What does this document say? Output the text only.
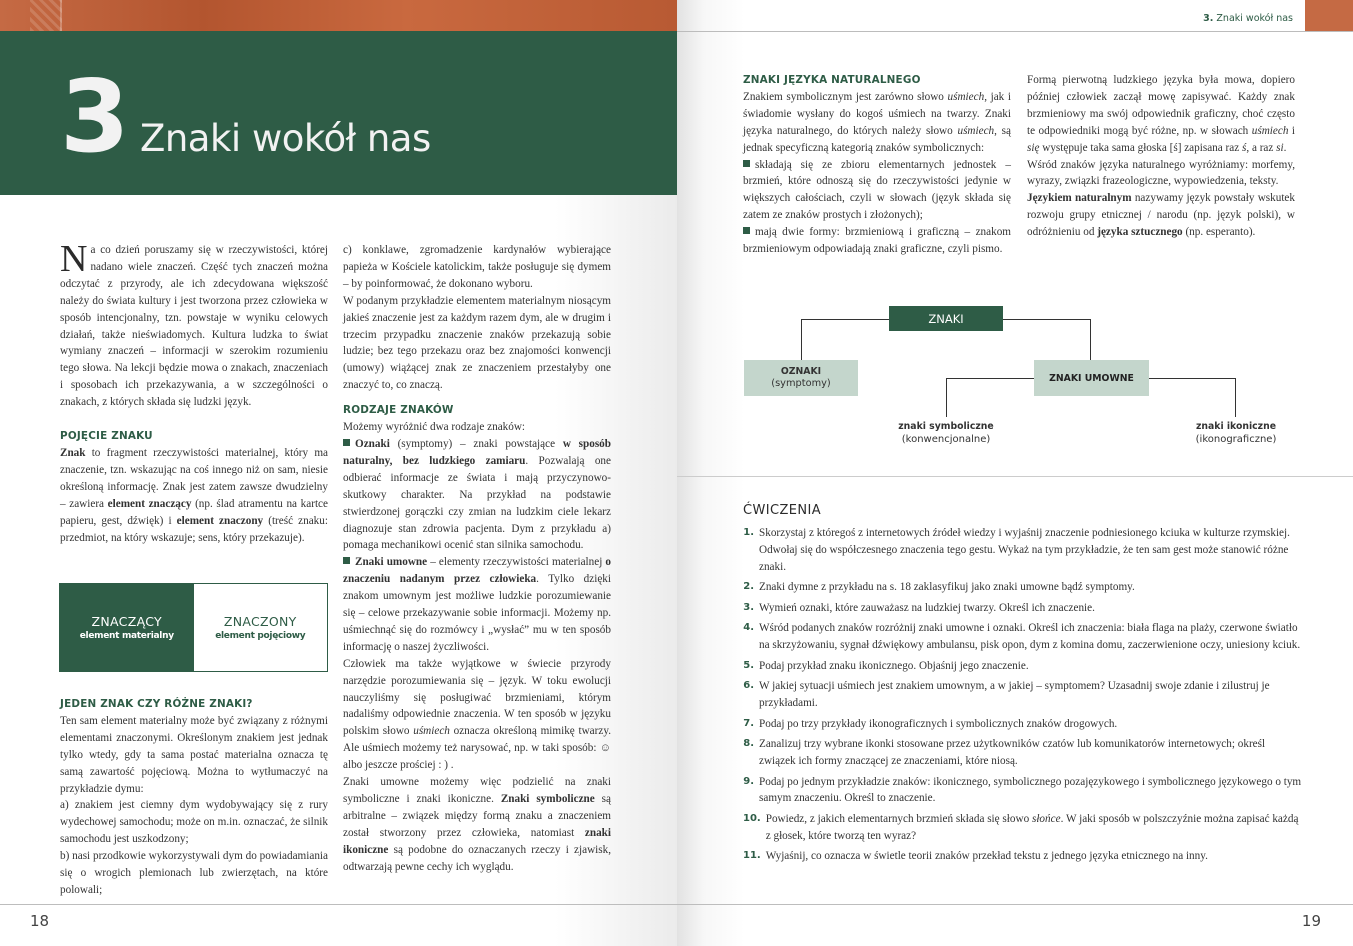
3 Znaki wokół nas

Na co dzień poruszamy się w rzeczywistości, której nadano wiele znaczeń. Część tych znaczeń można odczytać z przyrody, ale ich zdecydowana większość należy do świata kultury i jest tworzona przez człowieka w sposób intencjonalny, tzn. powstaje w wyniku celowych działań, także nieświadomych. Kultura ludzka to świat wymiany znaczeń – informacji w szerokim rozumieniu tego słowa. Na lekcji będzie mowa o znakach, znaczeniach i sposobach ich przekazywania, a w szczególności o znakach, z których składa się ludzki język.

POJĘCIE ZNAKU

Znak to fragment rzeczywistości materialnej, który ma znaczenie, tzn. wskazując na coś innego niż on sam, niesie określoną informację. Znak jest zatem zawsze dwudzielny – zawiera element znaczący (np. ślad atramentu na kartce papieru, gest, dźwięk) i element znaczony (treść znaku: przedmiot, na który wskazuje; sens, który przekazuje).

ZNACZĄCY
element materialny
ZNACZONY
element pojęciowy

JEDEN ZNAK CZY RÓŻNE ZNAKI?

Ten sam element materialny może być związany z różnymi elementami znaczonymi. Określonym znakiem jest jednak tylko wtedy, gdy ta sama postać materialna oznacza tę samą zawartość pojęciową. Można to wytłumaczyć na przykładzie dymu:

a) znakiem jest ciemny dym wydobywający się z rury wydechowej samochodu; może on m.in. oznaczać, że silnik samochodu jest uszkodzony;

b) nasi przodkowie wykorzystywali dym do powiadamiania się o wrogich plemionach lub zwierzętach, na które polowali;

c) konklawe, zgromadzenie kardynałów wybierające papieża w Kościele katolickim, także posługuje się dymem – by poinformować, że dokonano wyboru.

W podanym przykładzie elementem materialnym niosącym jakieś znaczenie jest za każdym razem dym, ale w drugim i trzecim przypadku znaczenie znaków przekazują sobie ludzie; bez tego przekazu oraz bez znajomości konwencji (umowy) wiążącej znak ze znaczeniem przestałyby one znaczyć to, co znaczą.

RODZAJE ZNAKÓW

Możemy wyróżnić dwa rodzaje znaków:

Oznaki (symptomy) – znaki powstające w sposób naturalny, bez ludzkiego zamiaru. Pozwalają one odbierać informacje ze świata i mają przyczynowo-skutkowy charakter. Na przykład na podstawie stwierdzonej gorączki czy zmian na ludzkim ciele lekarz diagnozuje stan zdrowia pacjenta. Dym z przykładu a) pomaga mechanikowi ocenić stan silnika samochodu.

Znaki umowne – elementy rzeczywistości materialnej o znaczeniu nadanym przez człowieka. Tylko dzięki znakom umownym jest możliwe ludzkie porozumiewanie się – celowe przekazywanie sobie informacji. Możemy np. uśmiechnąć się do rozmówcy i „wysłać” mu w ten sposób informację o naszej życzliwości.

Człowiek ma także wyjątkowe w świecie przyrody narzędzie porozumiewania się – język. W toku ewolucji nauczyliśmy się posługiwać brzmieniami, którym nadaliśmy odpowiednie znaczenia. W ten sposób w języku polskim słowo uśmiech oznacza określoną mimikę twarzy. Ale uśmiech możemy też narysować, np. w taki sposób: ☺ albo jeszcze prościej : ) .

Znaki umowne możemy więc podzielić na znaki symboliczne i znaki ikoniczne. Znaki symboliczne są arbitralne – związek między formą znaku a znaczeniem został stworzony przez człowieka, natomiast znaki ikoniczne są podobne do oznaczanych rzeczy i zjawisk, odtwarzają pewne cechy ich wyglądu.

18
3. Znaki wokół nas

ZNAKI JĘZYKA NATURALNEGO

Znakiem symbolicznym jest zarówno słowo uśmiech, jak i świadomie wysłany do kogoś uśmiech na twarzy. Znaki języka naturalnego, do których należy słowo uśmiech, są jednak specyficzną kategorią znaków symbolicznych:

składają się ze zbioru elementarnych jednostek – brzmień, które odnoszą się do rzeczywistości jedynie w większych całościach, czyli w słowach (język składa się zatem ze znaków prostych i złożonych);

mają dwie formy: brzmieniową i graficzną – znakom brzmieniowym odpowiadają znaki graficzne, czyli pismo.

Formą pierwotną ludzkiego języka była mowa, dopiero później człowiek zaczął mowę zapisywać. Każdy znak brzmieniowy ma swój odpowiednik graficzny, choć często te odpowiedniki mogą być różne, np. w słowach uśmiech i się występuje taka sama głoska [ś] zapisana raz ś, a raz si.

Wśród znaków języka naturalnego wyróżniamy: morfemy, wyrazy, związki frazeologiczne, wypowiedzenia, teksty.

Językiem naturalnym nazywamy język powstały wskutek rozwoju grupy etnicznej / narodu (np. język polski), w odróżnieniu od języka sztucznego (np. esperanto).

ZNAKI
OZNAKI
(symptomy)	ZNAKI UMOWNE
znaki symboliczne
(konwencjonalne)
znaki ikoniczne
(ikonograficzne)
ĆWICZENIA
1. Skorzystaj z któregoś z internetowych źródeł wiedzy i wyjaśnij znaczenie podniesionego kciuka w kulturze rzymskiej. Odwołaj się do współczesnego znaczenia tego gestu. Wykaż na tym przykładzie, że ten sam gest może stanowić różne znaki.
2. Znaki dymne z przykładu na s. 18 zaklasyfikuj jako znaki umowne bądź symptomy.
3. Wymień oznaki, które zauważasz na ludzkiej twarzy. Określ ich znaczenie.
4. Wśród podanych znaków rozróżnij znaki umowne i oznaki. Określ ich znaczenia: biała flaga na plaży, czerwone światło na skrzyżowaniu, sygnał dźwiękowy ambulansu, pisk opon, dym z komina domu, zaczerwienione oczy, uniesiony kciuk.
5. Podaj przykład znaku ikonicznego. Objaśnij jego znaczenie.
6. W jakiej sytuacji uśmiech jest znakiem umownym, a w jakiej – symptomem? Uzasadnij swoje zdanie i zilustruj je przykładami.
7. Podaj po trzy przykłady ikonograficznych i symbolicznych znaków drogowych.
8. Zanalizuj trzy wybrane ikonki stosowane przez użytkowników czatów lub komunikatorów internetowych; określ związek ich formy znaczącej ze znaczeniami, które niosą.
9. Podaj po jednym przykładzie znaków: ikonicznego, symbolicznego pozajęzykowego i symbolicznego językowego o tym samym znaczeniu. Określ to znaczenie.
10. Powiedz, z jakich elementarnych brzmień składa się słowo słońce. W jaki sposób w polszczyźnie można zapisać każdą z głosek, które tworzą ten wyraz?
11. Wyjaśnij, co oznacza w świetle teorii znaków przekład tekstu z jednego języka etnicznego na inny.
19
